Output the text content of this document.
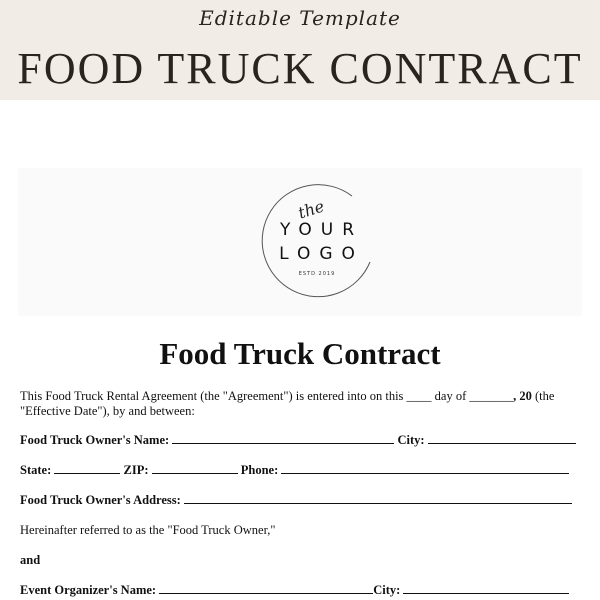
Editable Template
FOOD TRUCK CONTRACT
the
YOUR
LOGO
ESTD 2019
Food Truck Contract
This Food Truck Rental Agreement (the "Agreement") is entered into on this ____ day of _______, 20 (the
"Effective Date"), by and between:
Food Truck Owner's Name:	City:
State:	ZIP:	Phone:
Food Truck Owner's Address:
Hereinafter referred to as the "Food Truck Owner,"
and
Event Organizer's Name:	City:
